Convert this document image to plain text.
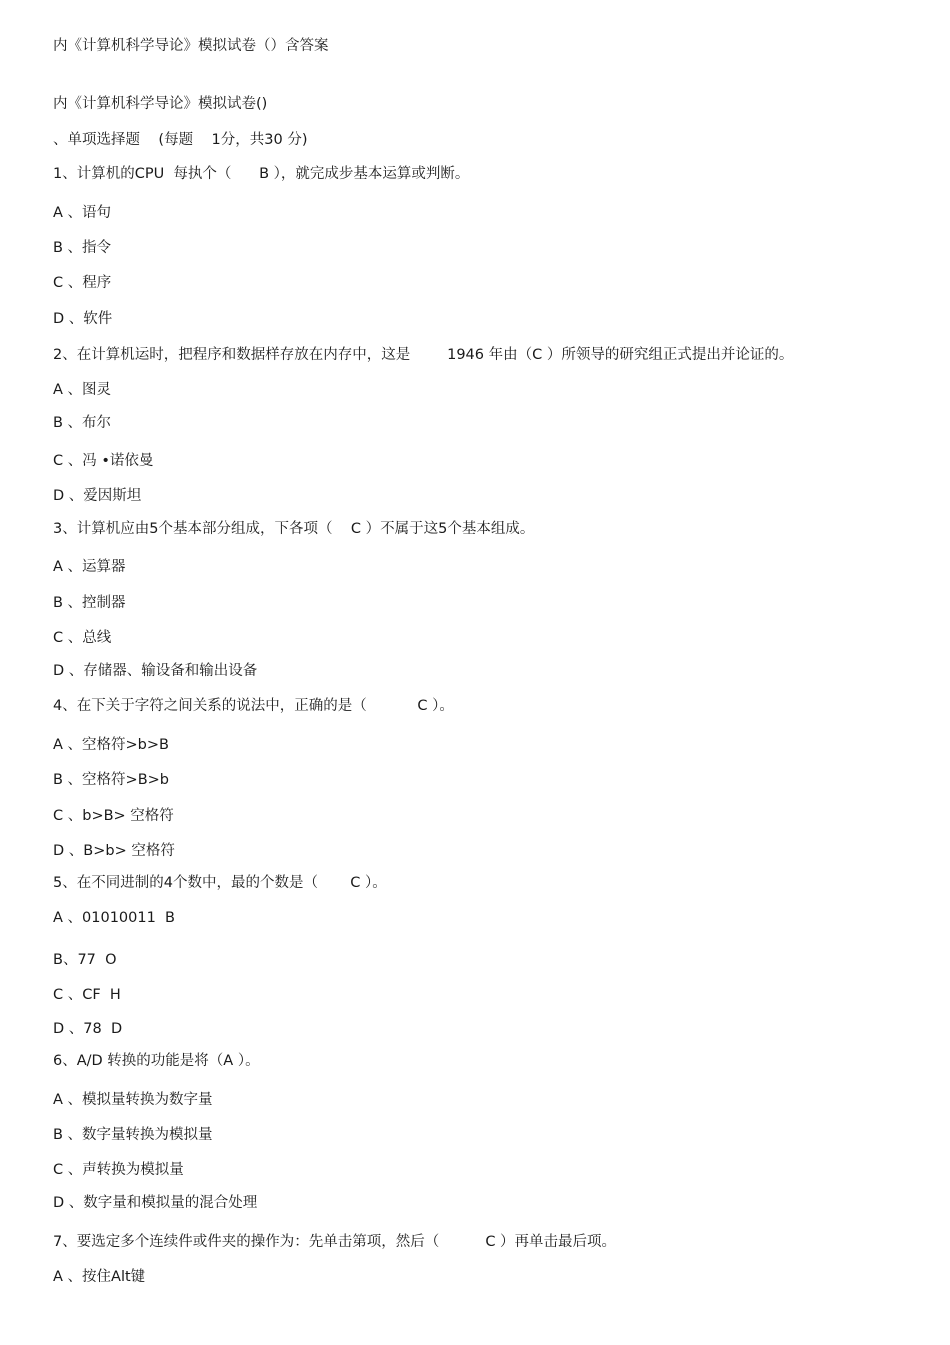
内《计算机科学导论》模拟试卷（）含答案
内《计算机科学导论》模拟试卷()
、单项选择题    (每题    1分，共30 分)
1、计算机的CPU  每执个（      B ），就完成步基本运算或判断。
A 、语句
B 、指令
C 、程序
D 、软件
2、在计算机运时，把程序和数据样存放在内存中，这是        1946 年由（C ）所领导的研究组正式提出并论证的。
A 、图灵
B 、布尔
C 、冯 •诺依曼
D 、爱因斯坦
3、计算机应由5个基本部分组成，下各项（    C ）不属于这5个基本组成。
A 、运算器
B 、控制器
C 、总线
D 、存储器、输设备和输出设备
4、在下关于字符之间关系的说法中，正确的是（           C ）。
A 、空格符>b>B
B 、空格符>B>b
C 、b>B> 空格符
D 、B>b> 空格符
5、在不同进制的4个数中，最的个数是（       C ）。
A 、01010011  B
B、77  O
C 、CF  H
D 、78  D
6、A/D 转换的功能是将（A ）。
A 、模拟量转换为数字量
B 、数字量转换为模拟量
C 、声转换为模拟量
D 、数字量和模拟量的混合处理
7、要选定多个连续件或件夹的操作为：先单击第项，然后（          C ）再单击最后项。
A 、按住Alt键
